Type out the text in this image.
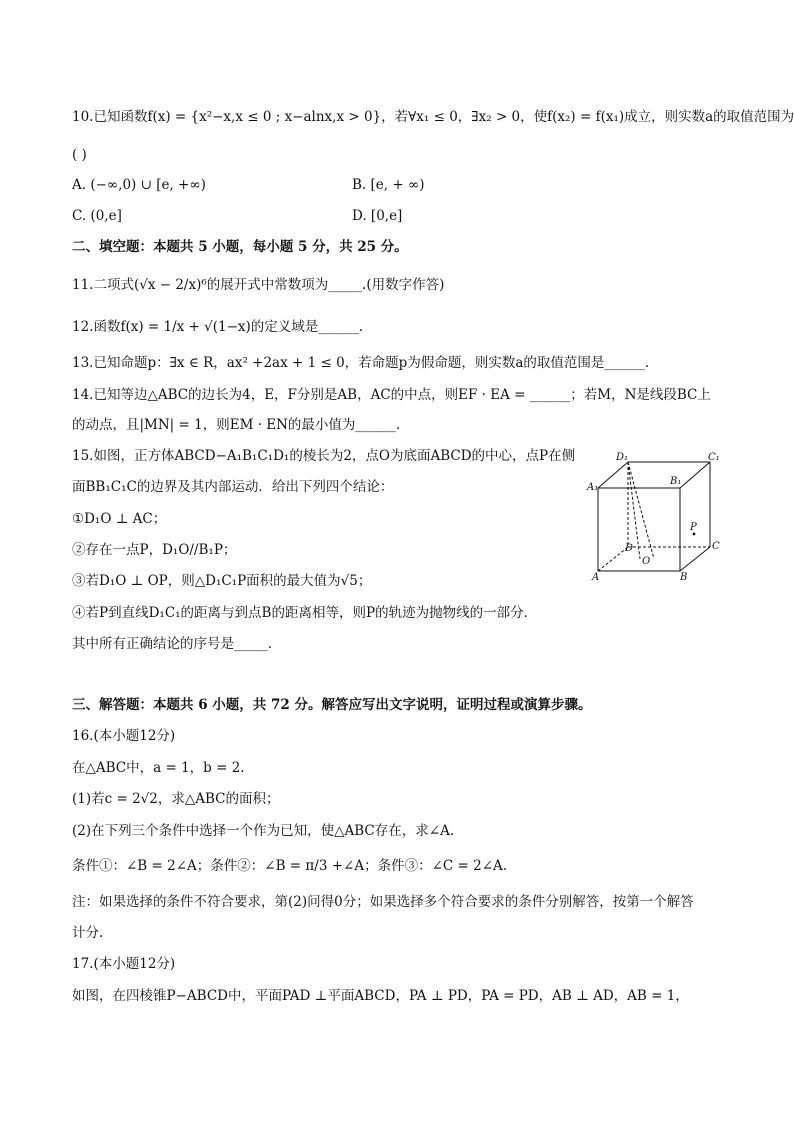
10.已知函数f(x) = {x²−x,x ≤ 0 ; x−alnx,x > 0}，若∀x₁ ≤ 0，∃x₂ > 0，使f(x₂) = f(x₁)成立，则实数a的取值范围为
( )
A. (−∞,0) ∪ [e, +∞)	B. [e, + ∞)
C. (0,e]	D. [0,e]
二、填空题：本题共 5 小题，每小题 5 分，共 25 分。
11.二项式(√x − 2/x)⁶的展开式中常数项为_____.(用数字作答)
12.函数f(x) = 1/x + √(1−x)的定义域是______.
13.已知命题p：∃x ∈ R，ax² +2ax + 1 ≤ 0，若命题p为假命题，则实数a的取值范围是______.
14.已知等边△ABC的边长为4，E，F分别是AB，AC的中点，则EF · EA = ______；若M，N是线段BC上
的动点，且|MN| = 1，则EM · EN的最小值为______.
15.如图，正方体ABCD−A₁B₁C₁D₁的棱长为2，点O为底面ABCD的中心，点P在侧
面BB₁C₁C的边界及其内部运动．给出下列四个结论：
①D₁O ⊥ AC；
②存在一点P，D₁O//B₁P；
③若D₁O ⊥ OP，则△D₁C₁P面积的最大值为√5；
④若P到直线D₁C₁的距离与到点B的距离相等，则P的轨迹为抛物线的一部分．
其中所有正确结论的序号是_____.
D₁	C₁
A₁
B₁
D	C
A	B
O
P
三、解答题：本题共 6 小题，共 72 分。解答应写出文字说明，证明过程或演算步骤。
16.(本小题12分)
在△ABC中，a = 1，b = 2.
(1)若c = 2√2，求△ABC的面积；
(2)在下列三个条件中选择一个作为已知，使△ABC存在，求∠A.
条件①：∠B = 2∠A；条件②：∠B = π/3 +∠A；条件③：∠C = 2∠A.
注：如果选择的条件不符合要求，第(2)问得0分；如果选择多个符合要求的条件分别解答，按第一个解答
计分.
17.(本小题12分)
如图，在四棱锥P−ABCD中，平面PAD ⊥平面ABCD，PA ⊥ PD，PA = PD，AB ⊥ AD，AB = 1，
